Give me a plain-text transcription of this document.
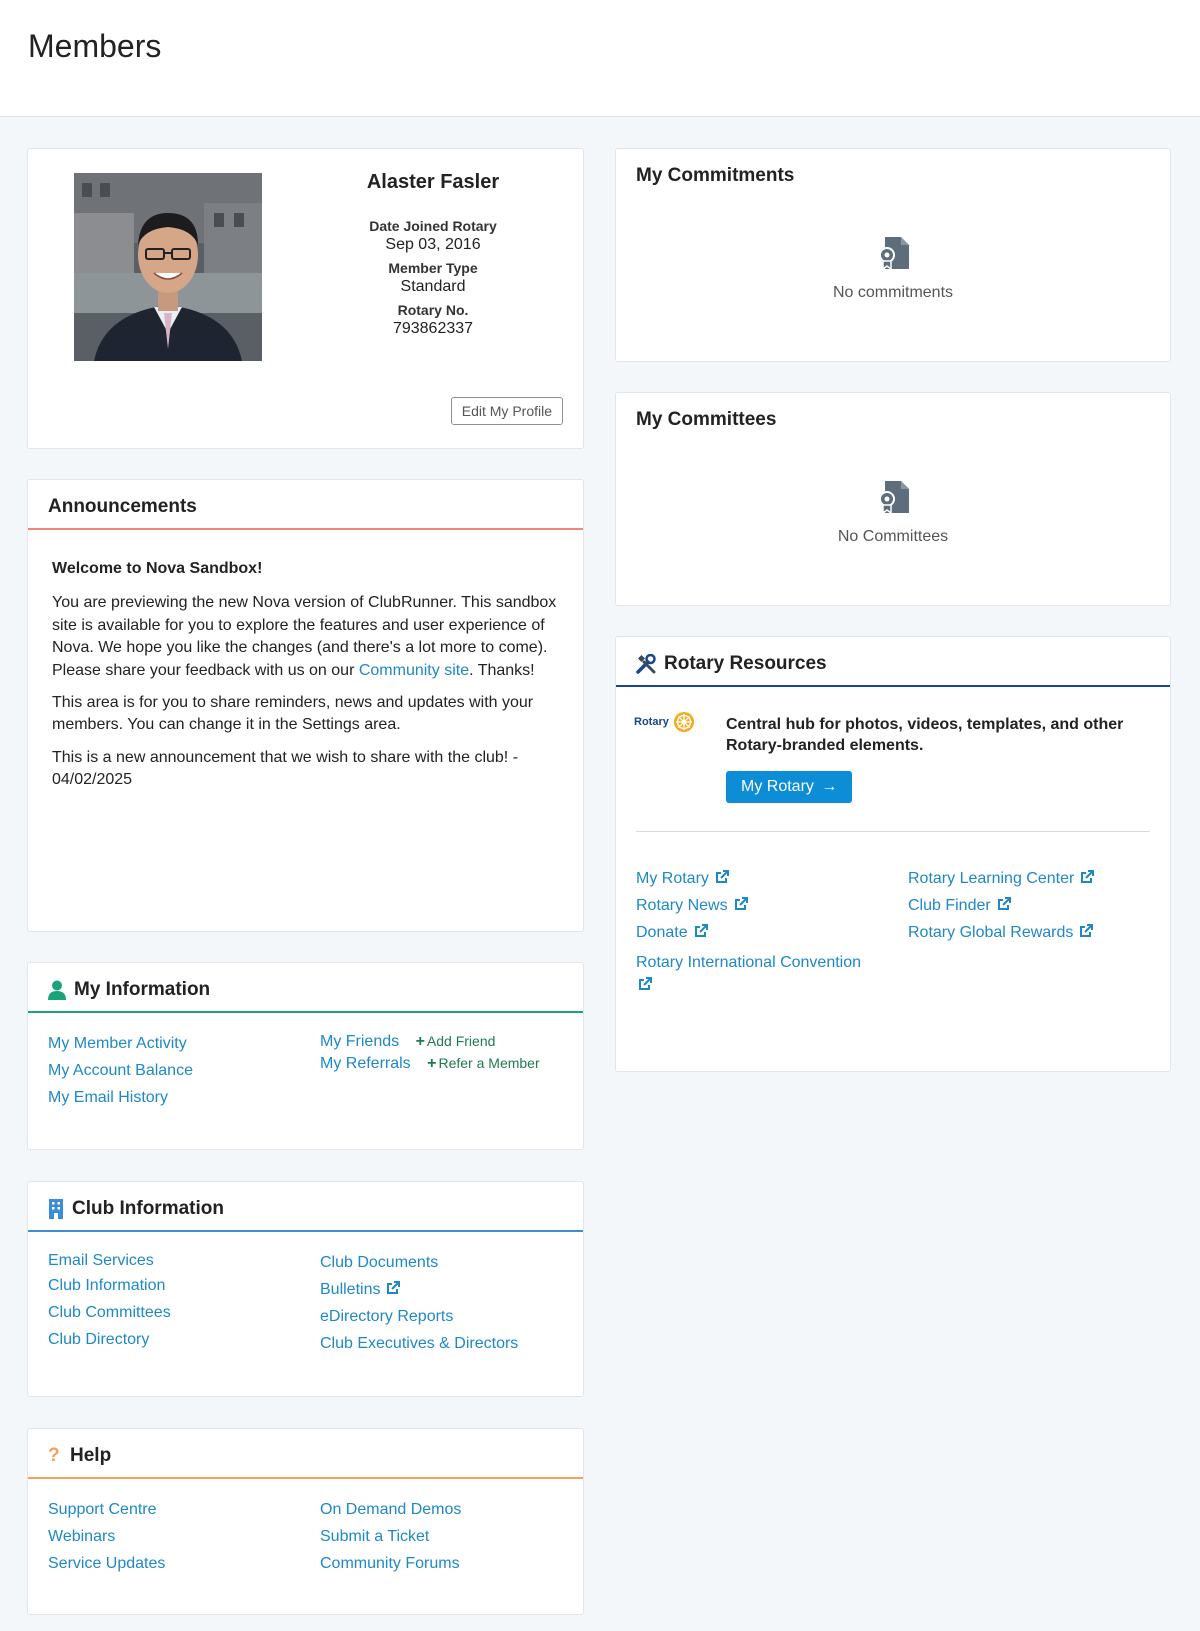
Members
Alaster Fasler
Date Joined Rotary
Sep 03, 2016
Member Type
Standard
Rotary No.
793862337
Edit My Profile
Announcements

Welcome to Nova Sandbox!

You are previewing the new Nova version of ClubRunner. This sandbox site is available for you to explore the features and user experience of Nova. We hope you like the changes (and there's a lot more to come). Please share your feedback with us on our Community site. Thanks!

This area is for you to share reminders, news and updates with your members. You can change it in the Settings area.

This is a new announcement that we wish to share with the club! - 04/02/2025

My Information
My Member Activity
My Account Balance
My Email History
My Friends + Add Friend
My Referrals + Refer a Member
Club Information
Email Services
Club Information
Club Committees
Club Directory
Club Documents
Bulletins
eDirectory Reports
Club Executives & Directors
? Help
Support Centre
Webinars
Service Updates
On Demand Demos
Submit a Ticket
Community Forums
My Commitments
No commitments
My Committees
No Committees
Rotary Resources
Rotary	Central hub for photos, videos, templates, and other Rotary-branded elements.
My Rotary →
My Rotary
Rotary News
Donate
Rotary International Convention

Rotary Learning Center
Club Finder
Rotary Global Rewards
